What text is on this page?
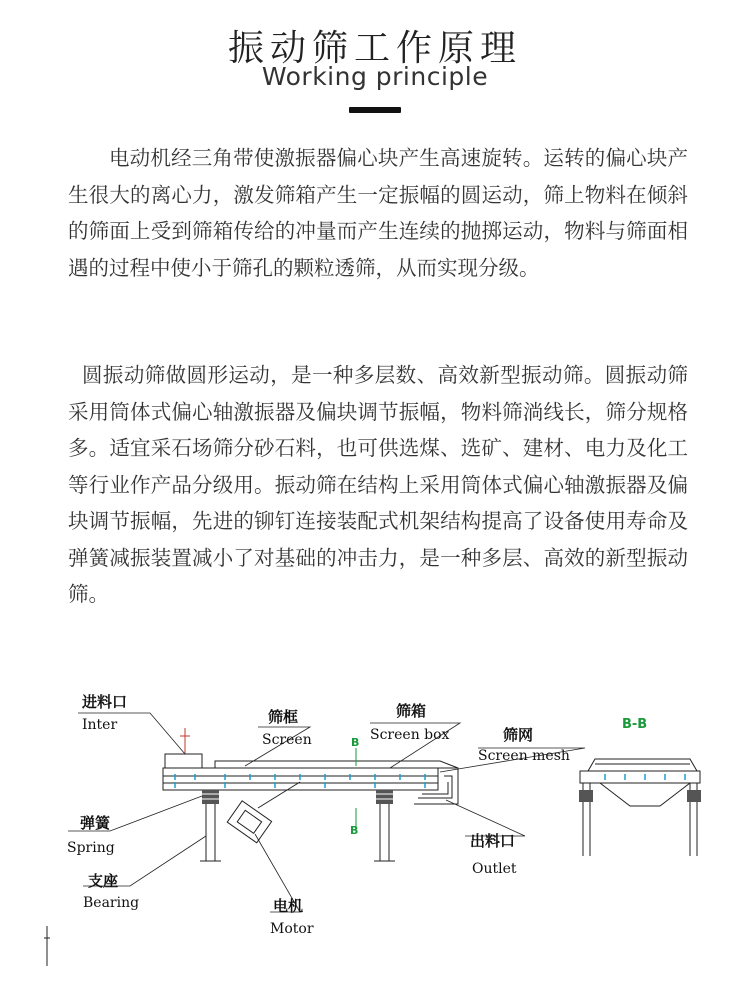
振动筛工作原理
Working principle

电动机经三角带使激振器偏心块产生高速旋转。运转的偏心块产生很大的离心力，激发筛箱产生一定振幅的圆运动，筛上物料在倾斜的筛面上受到筛箱传给的冲量而产生连续的抛掷运动，物料与筛面相遇的过程中使小于筛孔的颗粒透筛，从而实现分级。

圆振动筛做圆形运动，是一种多层数、高效新型振动筛。圆振动筛采用筒体式偏心轴激振器及偏块调节振幅，物料筛淌线长，筛分规格多。适宜采石场筛分砂石料，也可供选煤、选矿、建材、电力及化工等行业作产品分级用。振动筛在结构上采用筒体式偏心轴激振器及偏块调节振幅，先进的铆钉连接装配式机架结构提高了设备使用寿命及弹簧减振装置减小了对基础的冲击力，是一种多层、高效的新型振动筛。

进料口
Inter	筛框
Screen
筛箱
Screen box	筛网
Screen mesh
弹簧
Spring
支座
Bearing	电机
Motor
出料口
Outlet
B
B
B-B
